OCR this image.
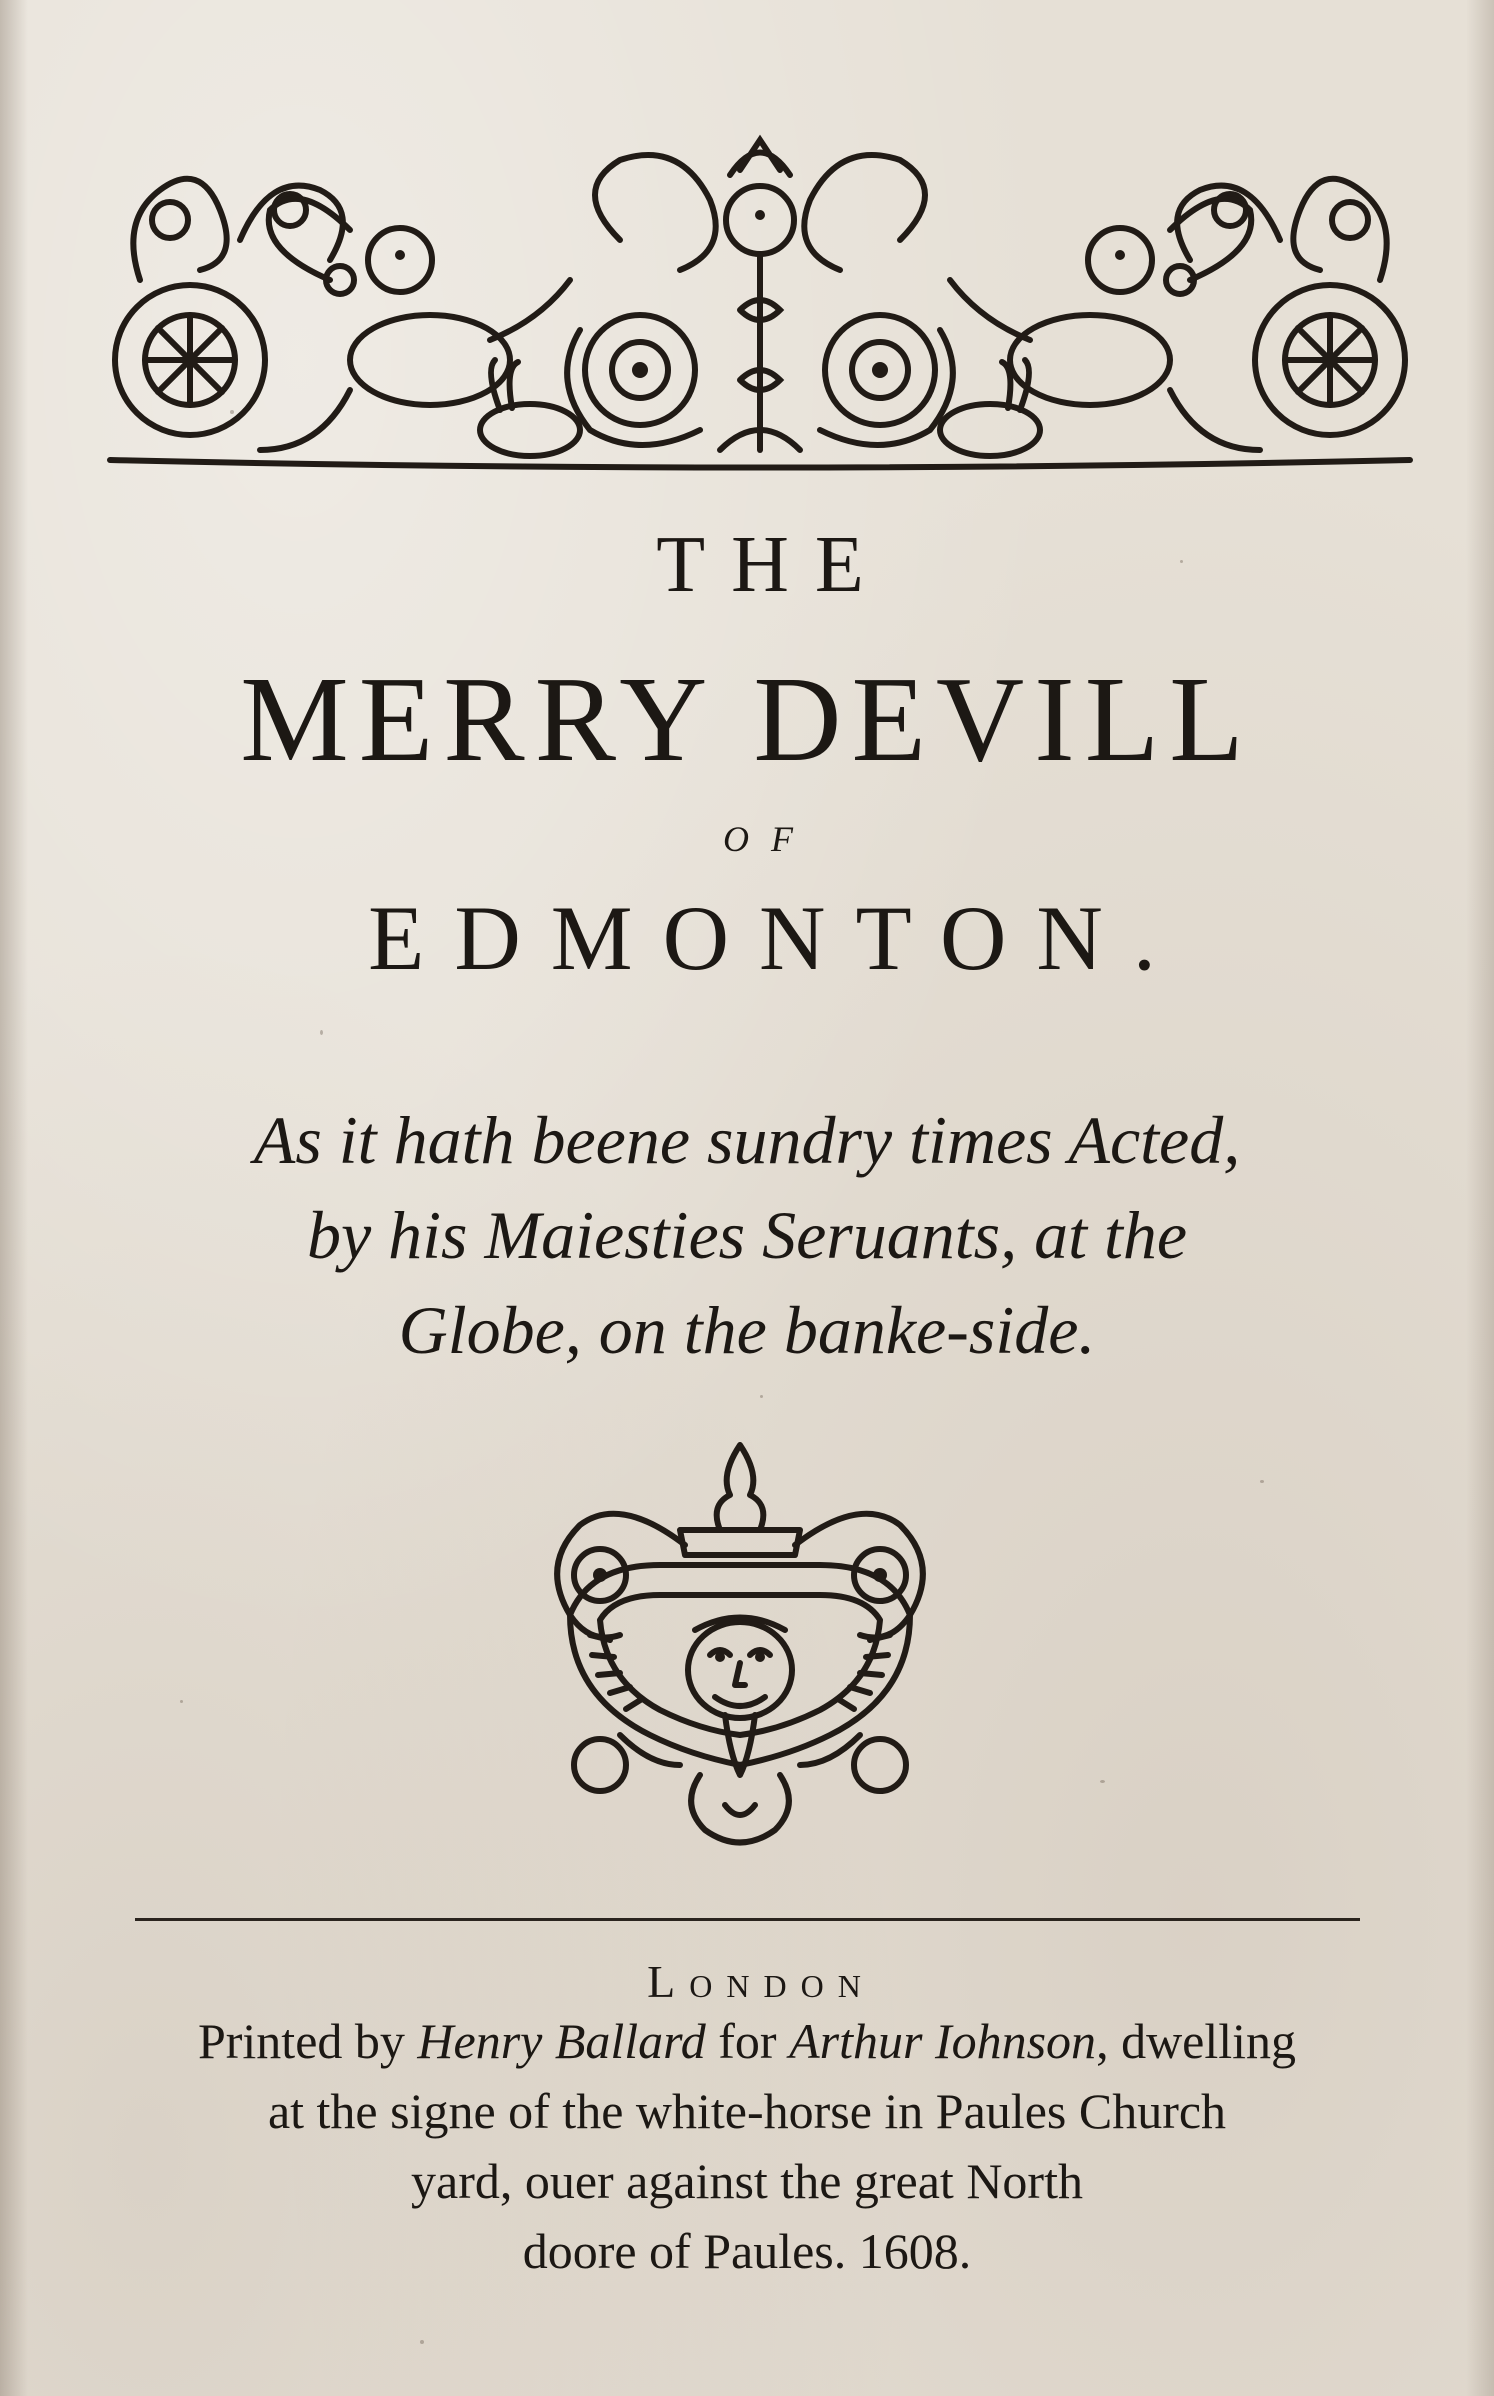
THE
MERRY DEVILL
OF
EDMONTON.
As it hath beene sundry times Acted,
by his Maiesties Seruants, at the
Globe, on the banke-side.
London
Printed by Henry Ballard for Arthur Iohnson, dwelling
at the signe of the white-horse in Paules Church
yard, ouer against the great North
doore of Paules. 1608.
